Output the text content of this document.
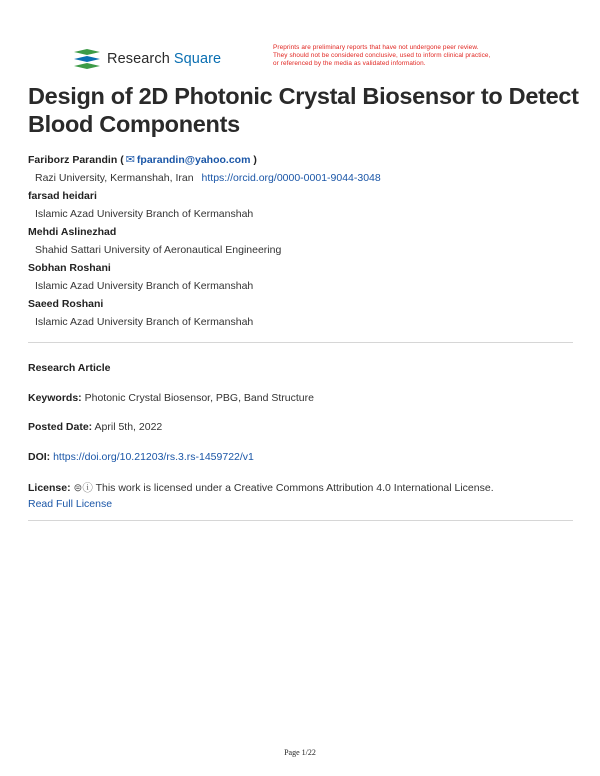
Research Square
Preprints are preliminary reports that have not undergone peer review.
They should not be considered conclusive, used to inform clinical practice,
or referenced by the media as validated information.
Design of 2D Photonic Crystal Biosensor to Detect Blood Components
Fariborz Parandin ( ✉ fparandin@yahoo.com )
Razi University, Kermanshah, Iran https://orcid.org/0000-0001-9044-3048
farsad heidari
Islamic Azad University Branch of Kermanshah
Mehdi Aslinezhad
Shahid Sattari University of Aeronautical Engineering
Sobhan Roshani
Islamic Azad University Branch of Kermanshah
Saeed Roshani
Islamic Azad University Branch of Kermanshah
Research Article
Keywords: Photonic Crystal Biosensor, PBG, Band Structure
Posted Date: April 5th, 2022
DOI: https://doi.org/10.21203/rs.3.rs-1459722/v1
License: ⊜ⓘ This work is licensed under a Creative Commons Attribution 4.0 International License.
Read Full License
Page 1/22
